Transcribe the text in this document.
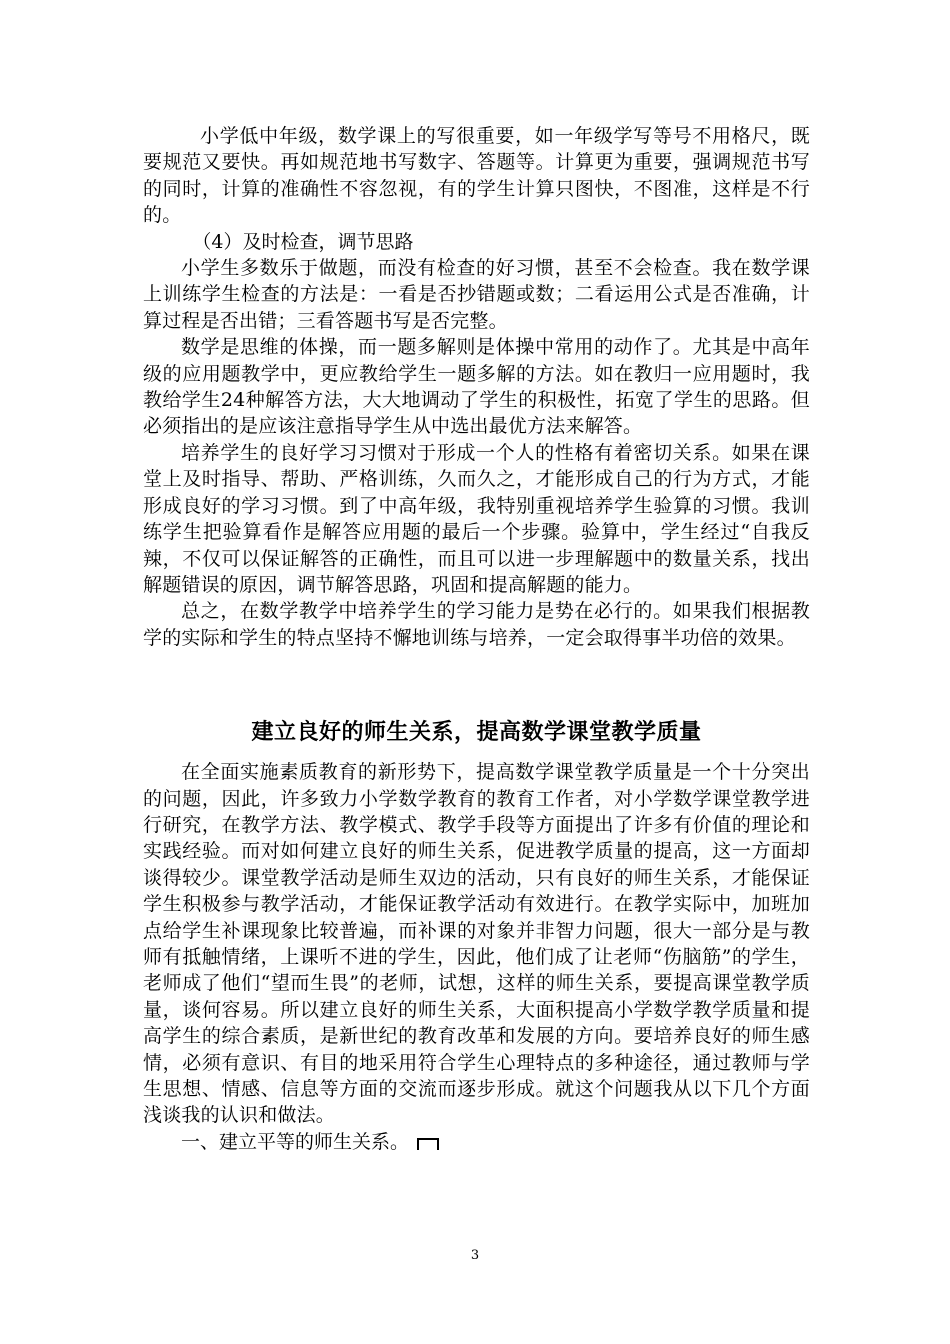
小学低中年级，数学课上的写很重要，如一年级学写等号不用格尺，既要规范又要快。再如规范地书写数字、答题等。计算更为重要，强调规范书写的同时，计算的准确性不容忽视，有的学生计算只图快，不图准，这样是不行的。

（4）及时检查，调节思路

小学生多数乐于做题，而没有检查的好习惯，甚至不会检查。我在数学课上训练学生检查的方法是：一看是否抄错题或数；二看运用公式是否准确，计算过程是否出错；三看答题书写是否完整。

数学是思维的体操，而一题多解则是体操中常用的动作了。尤其是中高年级的应用题教学中，更应教给学生一题多解的方法。如在教归一应用题时，我教给学生24种解答方法，大大地调动了学生的积极性，拓宽了学生的思路。但必须指出的是应该注意指导学生从中选出最优方法来解答。

培养学生的良好学习习惯对于形成一个人的性格有着密切关系。如果在课堂上及时指导、帮助、严格训练，久而久之，才能形成自己的行为方式，才能形成良好的学习习惯。到了中高年级，我特别重视培养学生验算的习惯。我训练学生把验算看作是解答应用题的最后一个步骤。验算中，学生经过“自我反辣，不仅可以保证解答的正确性，而且可以进一步理解题中的数量关系，找出解题错误的原因，调节解答思路，巩固和提高解题的能力。

总之，在数学教学中培养学生的学习能力是势在必行的。如果我们根据教学的实际和学生的特点坚持不懈地训练与培养，一定会取得事半功倍的效果。

建立良好的师生关系，提高数学课堂教学质量

在全面实施素质教育的新形势下，提高数学课堂教学质量是一个十分突出的问题，因此，许多致力小学数学教育的教育工作者，对小学数学课堂教学进行研究，在教学方法、教学模式、教学手段等方面提出了许多有价值的理论和实践经验。而对如何建立良好的师生关系，促进教学质量的提高，这一方面却谈得较少。课堂教学活动是师生双边的活动，只有良好的师生关系，才能保证学生积极参与教学活动，才能保证教学活动有效进行。在教学实际中，加班加点给学生补课现象比较普遍，而补课的对象并非智力问题，很大一部分是与教师有抵触情绪，上课听不进的学生，因此，他们成了让老师“伤脑筋”的学生，老师成了他们“望而生畏”的老师，试想，这样的师生关系，要提高课堂教学质量，谈何容易。所以建立良好的师生关系，大面积提高小学数学教学质量和提高学生的综合素质，是新世纪的教育改革和发展的方向。要培养良好的师生感情，必须有意识、有目的地采用符合学生心理特点的多种途径，通过教师与学生思想、情感、信息等方面的交流而逐步形成。就这个问题我从以下几个方面浅谈我的认识和做法。

一、建立平等的师生关系。

3
